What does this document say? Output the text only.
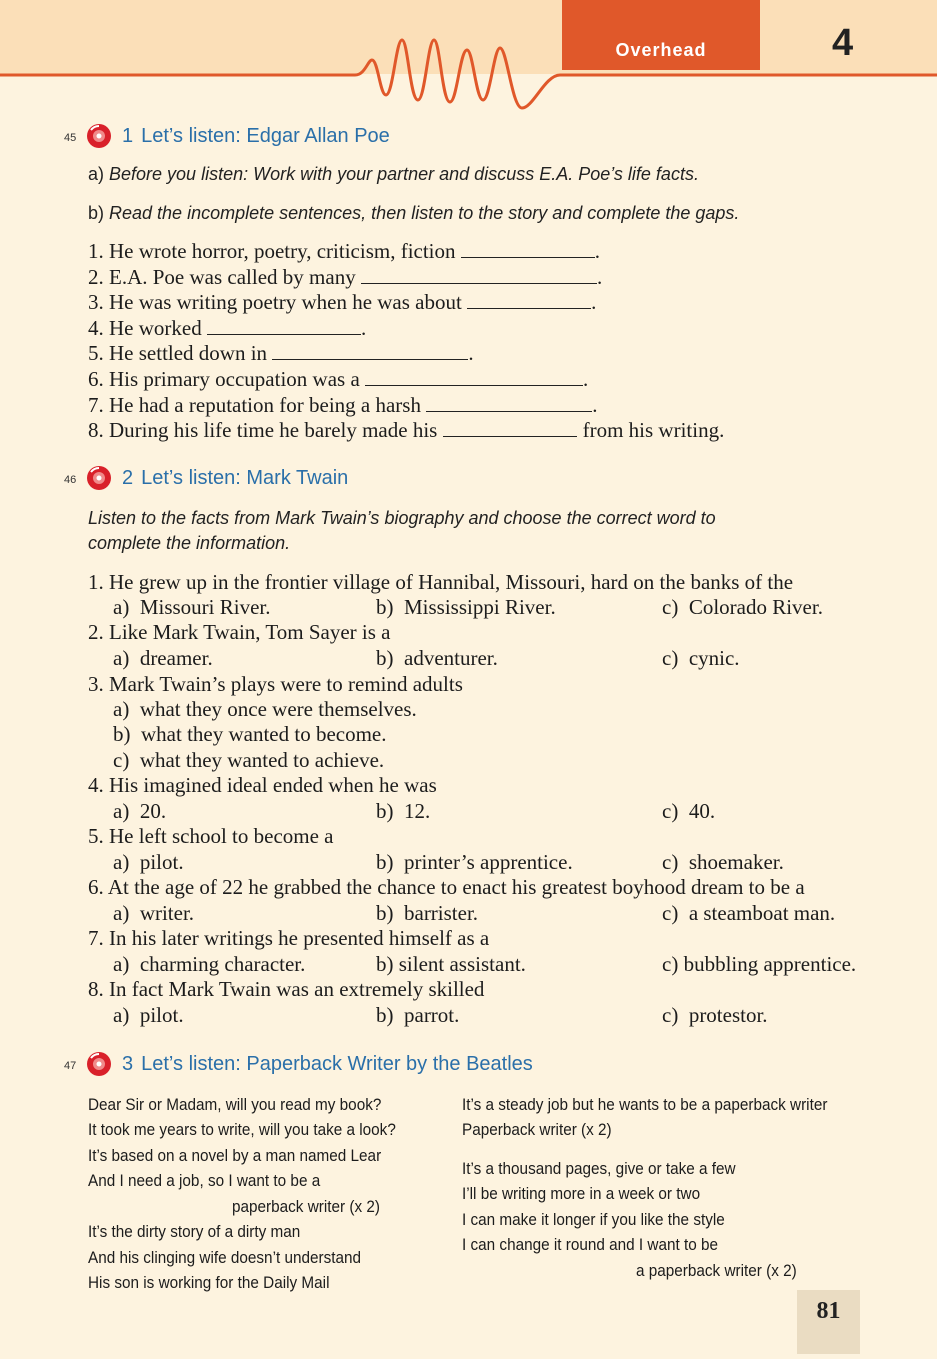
Overhead	4
45 1 Let’s listen: Edgar Allan Poe
a) Before you listen: Work with your partner and discuss E.A. Poe’s life facts.
b) Read the incomplete sentences, then listen to the story and complete the gaps.
1. He wrote horror, poetry, criticism, fiction	.
2. E.A. Poe was called by many	.
3. He was writing poetry when he was about	.
4. He worked	.
5. He settled down in	.
6. His primary occupation was a	.
7. He had a reputation for being a harsh	.
8. During his life time he barely made his	from his writing.
46 2 Let’s listen: Mark Twain
Listen to the facts from Mark Twain’s biography and choose the correct word to
complete the information.
1. He grew up in the frontier village of Hannibal, Missouri, hard on the banks of the
a) Missouri River.	b) Mississippi River.	c) Colorado River.
2. Like Mark Twain, Tom Sayer is a
a) dreamer.	b) adventurer.	c) cynic.
3. Mark Twain’s plays were to remind adults
a) what they once were themselves.
b) what they wanted to become.
c) what they wanted to achieve.
4. His imagined ideal ended when he was
a) 20.	b) 12.	c) 40.
5. He left school to become a
a) pilot.	b) printer’s apprentice.	c) shoemaker.
6. At the age of 22 he grabbed the chance to enact his greatest boyhood dream to be a
a) writer.	b) barrister.	c) a steamboat man.
7. In his later writings he presented himself as a
a) charming character.	b) silent assistant.	c) bubbling apprentice.
8. In fact Mark Twain was an extremely skilled
a) pilot.	b) parrot.	c) protestor.
47 3 Let’s listen: Paperback Writer by the Beatles
Dear Sir or Madam, will you read my book?
It took me years to write, will you take a look?
It’s based on a novel by a man named Lear
And I need a job, so I want to be a
paperback writer (x 2)
It’s the dirty story of a dirty man
And his clinging wife doesn’t understand
His son is working for the Daily Mail
It’s a steady job but he wants to be a paperback writer
Paperback writer (x 2)
It’s a thousand pages, give or take a few
I’ll be writing more in a week or two
I can make it longer if you like the style
I can change it round and I want to be
a paperback writer (x 2)
81
